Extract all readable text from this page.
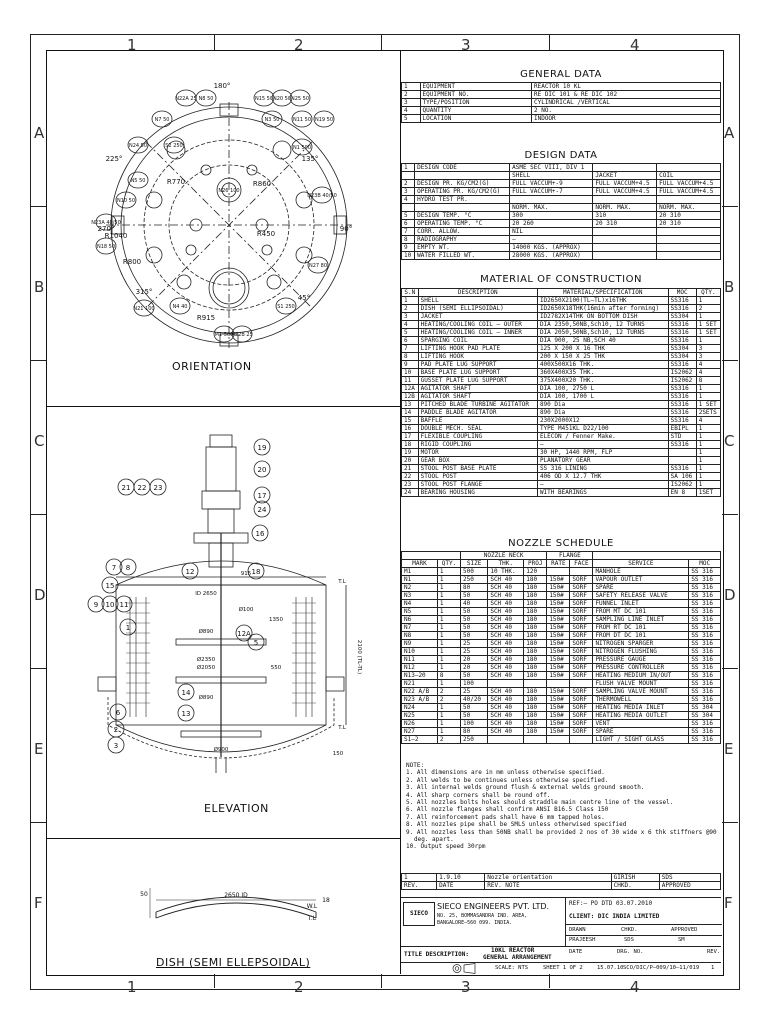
1	2	3	4
1	2	3	4
A
B
C
D
E
F
A
B
C
D
E
F
180°
225°
270°
315°
135°
90°
45°
R1040
R800
R450
R915
R860
R770
N22A 25 N8 50	N15 50 N20 50 N25 50
N7 50	N3 50	N11 50 N19 50
N24 50	S2 250	N1 500
N5 50
N10 50
N23B 40/50
N23A 40/50
N18 50
N27 80
N4 40
N21 100
M1 500
N22B 25
S1 250
N26 100
ORIENTATION
19
20
21 22 23
17
24
16
7 8
15
12
9 10 11
1
6
2
3
14
13
18
12A
5
915
ID 2650
2100 (TL-TL)
1350
550
T.L
T.L
Ø2350
Ø2050
Ø890
Ø900
Ø100
Ø890
150
ELEVATION
50	2650 ID
18
W.L
T.L
DISH (SEMI ELLEPSOIDAL)
GENERAL DATA
1	EQUIPMENT	REACTOR 10 KL
2	EQUIPMENT NO.	RE DIC 101 & RE DIC 102
3	TYPE/POSITION	CYLINDRICAL /VERTICAL
4	QUANTITY	2 NO.
5	LOCATION	INDOOR
DESIGN DATA
1	DESIGN CODE	ASME SEC VIII, DIV 1		
		SHELL	JACKET	COIL
2	DESIGN PR. KG/CM2(G)	FULL VACCUM+-9	FULL VACCUM+4.5	FULL VACCUM+4.5
3	OPERATING PR. KG/CM2(G)	FULL VACCUM+-7	FULL VACCUM+4.5	FULL VACCUM+4.5
4	HYDRO TEST PR.			
		NORM. MAX.	NORM. MAX.	NORM. MAX.
5	DESIGN TEMP. °C	300	310	20 310
6	OPERATING TEMP. °C	20 260	20 310	20 310
7	CORR. ALLOW.	NIL		
8	RADIOGRAPHY	–		
9	EMPTY WT.	14000 KGS. (APPROX)		
10	WATER FILLED WT.	28000 KGS. (APPROX)		
MATERIAL OF CONSTRUCTION
S.N	DESCRIPTION	MATERIAL/SPECIFICATION	MOC	QTY.
1	SHELL	ID2650X2100(TL–TL)x16THK	SS316	1
2	DISH (SEMI ELLIPSOIDAL)	ID2650X18THK(16min after forming)	SS316	2
3	JACKET	ID2782X14THK ON BOTTOM DISH	SS304	1
4	HEATING/COOLING COIL – OUTER	DIA 2350,50NB,Sch10, 12 TURNS	SS316	1 SET
5	HEATING/COOLING COIL – INNER	DIA 2050,50NB,Sch10, 12 TURNS	SS316	1 SET
6	SPARGING COIL	DIA 900, 25 NB,SCH 40	SS316	1
7	LIFTING HOOK PAD PLATE	125 X 200 X 16 THK	SS304	3
8	LIFTING HOOK	200 X 150 X 25 THK	SS304	3
9	PAD PLATE LUG SUPPORT	400X500X16 THK.	SS316	4
10	BASE PLATE LUG SUPPORT	360X400X35 THK.	IS2062	4
11	GUSSET PLATE LUG SUPPORT	375X400X20 THK.	IS2062	8
12A	AGITATOR SHAFT	DIA 100, 2750 L	SS316	1
12B	AGITATOR SHAFT	DIA 100, 1700 L	SS316	1
13	PITCHED BLADE TURBINE AGITATOR	890 Dia	SS316	1 SET
14	PADDLE BLADE AGITATOR	890 Dia	SS316	2SETS
15	BAFFLE	230X2000X12	SS316	4
16	DOUBLE MECH. SEAL	TYPE M451KL D22/100	EBIPL	1
17	FLEXIBLE COUPLING	ELECON / Fenner Make.	STD	1
18	RIGID COUPLING	–	SS316	1
19	MOTOR	30 HP, 1440 RPM, FLP		1
20	GEAR BOX	PLANATORY GEAR		1
21	STOOL POST BASE PLATE	SS 316 LINING	SS316	1
22	STOOL POST	406 OD X 12.7 THK	SA 106	1
23	STOOL POST FLANGE	–	IS2062	1
24	BEARING HOUSING	WITH BEARINGS	EN 8	1SET
NOZZLE SCHEDULE
		NOZZLE NECK			FLANGE			
MARK	QTY.	SIZE	THK.	PROJ	RATE	FACE	SERVICE	MOC
M1	1	500	10 THK.	120			MANHOLE	SS 316
N1	1	250	SCH 40	180	150#	SORF	VAPOUR OUTLET	SS 316
N2	1	80	SCH 40	180	150#	SORF	SPARE	SS 316
N3	1	50	SCH 40	180	150#	SORF	SAFETY RELEASE VALVE	SS 316
N4	1	40	SCH 40	180	150#	SORF	FUNNEL INLET	SS 316
N5	1	50	SCH 40	180	150#	SORF	FROM MT DC 101	SS 316
N6	1	50	SCH 40	180	150#	SORF	SAMPLING LINE INLET	SS 316
N7	1	50	SCH 40	180	150#	SORF	FROM RT DC 101	SS 316
N8	1	50	SCH 40	180	150#	SORF	FROM DT DC 101	SS 316
N9	1	25	SCH 40	180	150#	SORF	NITROGEN SPARGER	SS 316
N10	1	25	SCH 40	180	150#	SORF	NITROGEN FLUSHING	SS 316
N11	1	20	SCH 40	180	150#	SORF	PRESSURE GAUGE	SS 316
N12	1	20	SCH 40	180	150#	SORF	PRESSURE CONTROLLER	SS 316
N13–20	8	50	SCH 40	180	150#	SORF	HEATING MEDIUM IN/OUT	SS 316
N21	1	100					FLUSH VALVE MOUNT	SS 316
N22 A/B	2	25	SCH 40	180	150#	SORF	SAMPLING VALVE MOUNT	SS 316
N23 A/B	2	40/20	SCH 40	180	150#	SORF	THERMOWELL	SS 316
N24	1	50	SCH 40	180	150#	SORF	HEATING MEDIA INLET	SS 304
N25	1	50	SCH 40	180	150#	SORF	HEATING MEDIA OUTLET	SS 304
N26	1	100	SCH 40	180	150#	SORF	VENT	SS 316
N27	1	80	SCH 40	180	150#	SORF	SPARE	SS 316
S1–2	2	250					LIGHT / SIGHT GLASS	SS 316
NOTE:
1. All dimensions are in mm unless otherwise specified.
2. All welds to be continues unless otherwise specified.
3. All internal welds ground flush & external welds ground smooth.
4. All sharp corners shall be round off.
5. All nozzles bolts holes should straddle main centre line of the vessel.
6. All nozzle flanges shall confirm ANSI B16.5 Class 150
7. All reinforcement pads shall have 6 mm tapped holes.
8. All nozzles pipe shall be SMLS unless otherwised specified
9. All nozzles less than 50NB shall be provided 2 nos of 30 wide x 6 thk stiffners @90 deg. apart.
10. Output speed 30rpm
1	1.9.10	Nozzle orientation	GIRISH	SDS
REV.	DATE	REV. NOTE	CHKD.	APPROVED
SIECO
SIECO ENGINEERS PVT. LTD.
NO. 25, BOMMASANDRA IND. AREA,
BANGALORE–560 099. INDIA.
REF:– PO DTD 03.07.2010
CLIENT: DIC INDIA LIMITED
DRAWN	CHKD.	APPROVED
PRAJEESH	SDS	SM
TITLE DESCRIPTION:
10KL REACTOR
GENERAL ARRANGEMENT
DATE	DRG. NO.	REV.
SCALE: NTS	SHEET 1 OF 2	15.07.10 SCO/DIC/P–009/10–11/019 1
